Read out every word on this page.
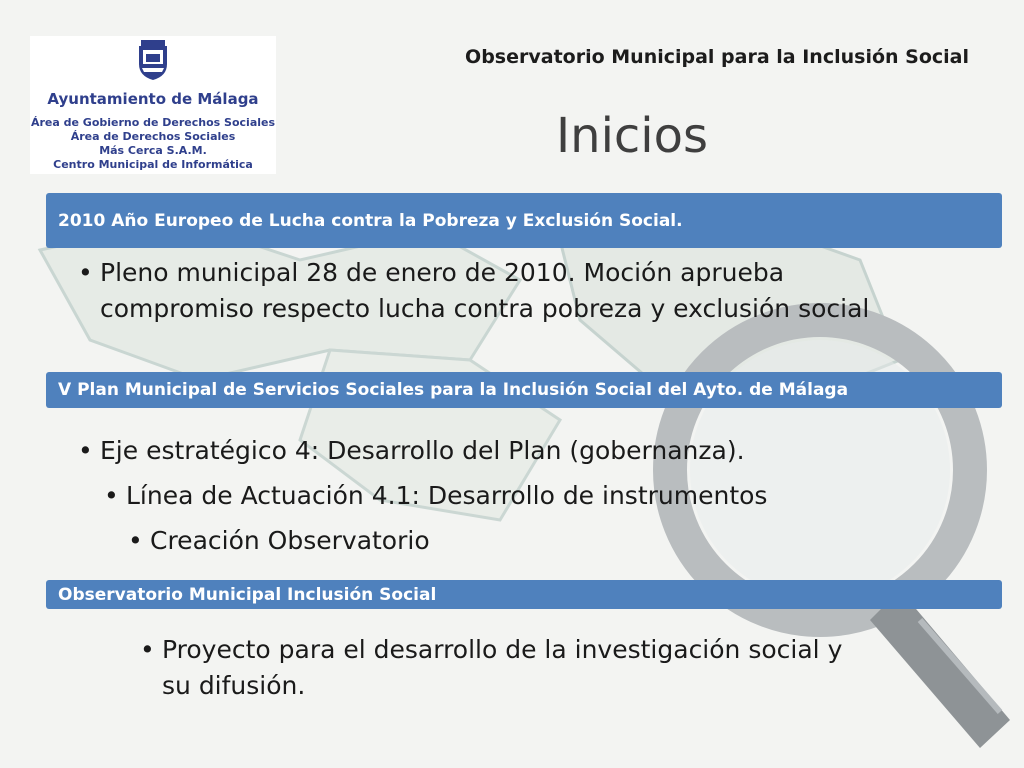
Ayuntamiento de Málaga
Área de Gobierno de Derechos Sociales
Área de Derechos Sociales
Más Cerca S.A.M.
Centro Municipal de Informática
Observatorio Municipal para la Inclusión Social
Inicios
2010 Año Europeo de Lucha contra la Pobreza y Exclusión Social.
• Pleno municipal 28 de enero de 2010. Moción aprueba
compromiso respecto lucha contra pobreza y exclusión social
V Plan Municipal de Servicios Sociales para la Inclusión Social del Ayto. de Málaga
• Eje estratégico 4: Desarrollo del Plan (gobernanza).
• Línea de Actuación 4.1: Desarrollo de instrumentos
• Creación Observatorio
Observatorio Municipal Inclusión Social
• Proyecto para el desarrollo de la investigación social y
su difusión.
